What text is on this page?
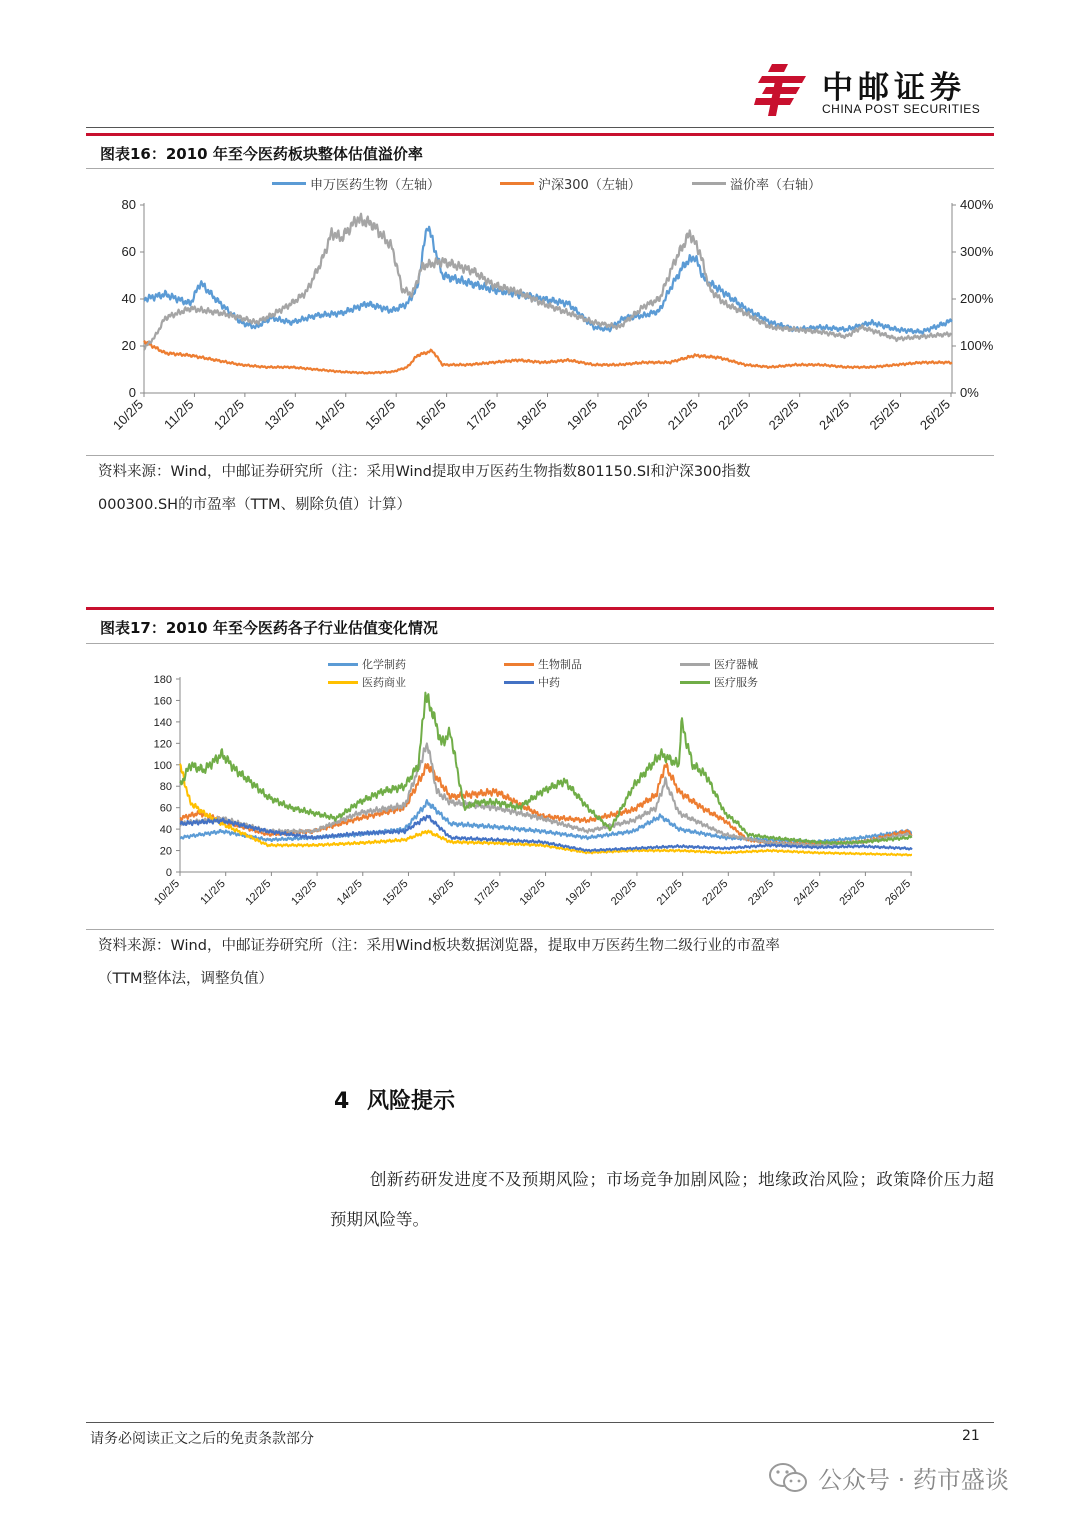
中邮证券
CHINA POST SECURITIES
图表16：2010 年至今医药板块整体估值溢价率
申万医药生物（左轴）	沪深300（左轴）	溢价率（右轴）
80
60
40
20
0
400%
300%
200%
100%
0%
10/2/5 11/2/5 12/2/5 13/2/5 14/2/5 15/2/5 16/2/5 17/2/5 18/2/5 19/2/5 20/2/5 21/2/5 22/2/5 23/2/5 24/2/5 25/2/5 26/2/5
资料来源：Wind，中邮证券研究所（注：采用Wind提取申万医药生物指数801150.SI和沪深300指数
000300.SH的市盈率（TTM、剔除负值）计算）
图表17：2010 年至今医药各子行业估值变化情况
化学制药	生物制品	医疗器械
医药商业	中药	医疗服务
180
160
140
120
100
80
60
40
20
0
10/2/5 11/2/5 12/2/5 13/2/5 14/2/5 15/2/5 16/2/5 17/2/5 18/2/5 19/2/5 20/2/5 21/2/5 22/2/5 23/2/5 24/2/5 25/2/5 26/2/5
资料来源：Wind，中邮证券研究所（注：采用Wind板块数据浏览器，提取申万医药生物二级行业的市盈率
（TTM整体法，调整负值）
4 风险提示
创新药研发进度不及预期风险；市场竞争加剧风险；地缘政治风险；政策降价压力超预期风险等。
请务必阅读正文之后的免责条款部分	21
公众号 · 药市盛谈
